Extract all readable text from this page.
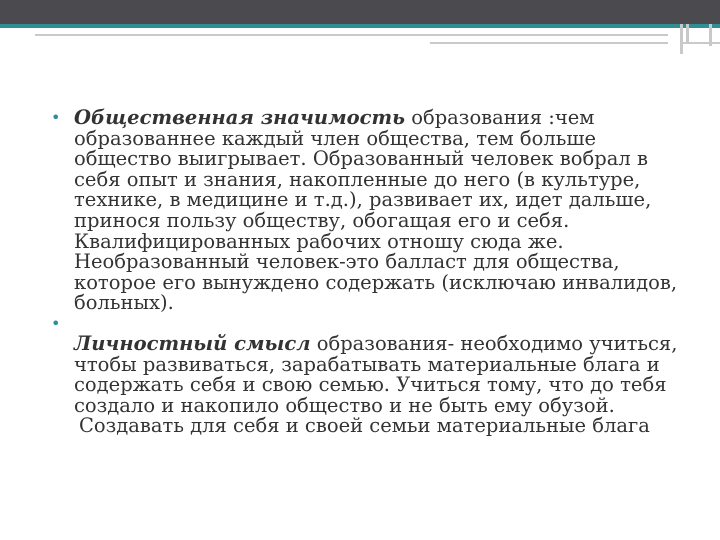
• Общественная значимость образования :чем образованнее каждый член общества, тем больше общество выигрывает. Образованный человек вобрал в себя опыт и знания, накопленные до него (в культуре, технике, в медицине и т.д.), развивает их, идет дальше, принося пользу обществу, обогащая его и себя. Квалифицированных рабочих отношу сюда же. Необразованный человек-это балласт для общества, которое его вынуждено содержать (исключаю инвалидов, больных).
•
Личностный смысл образования- необходимо учиться, чтобы развиваться, зарабатывать материальные блага и содержать себя и свою семью. Учиться тому, что до тебя создало и накопило общество и не быть ему обузой.
Создавать для себя и своей семьи материальные блага
